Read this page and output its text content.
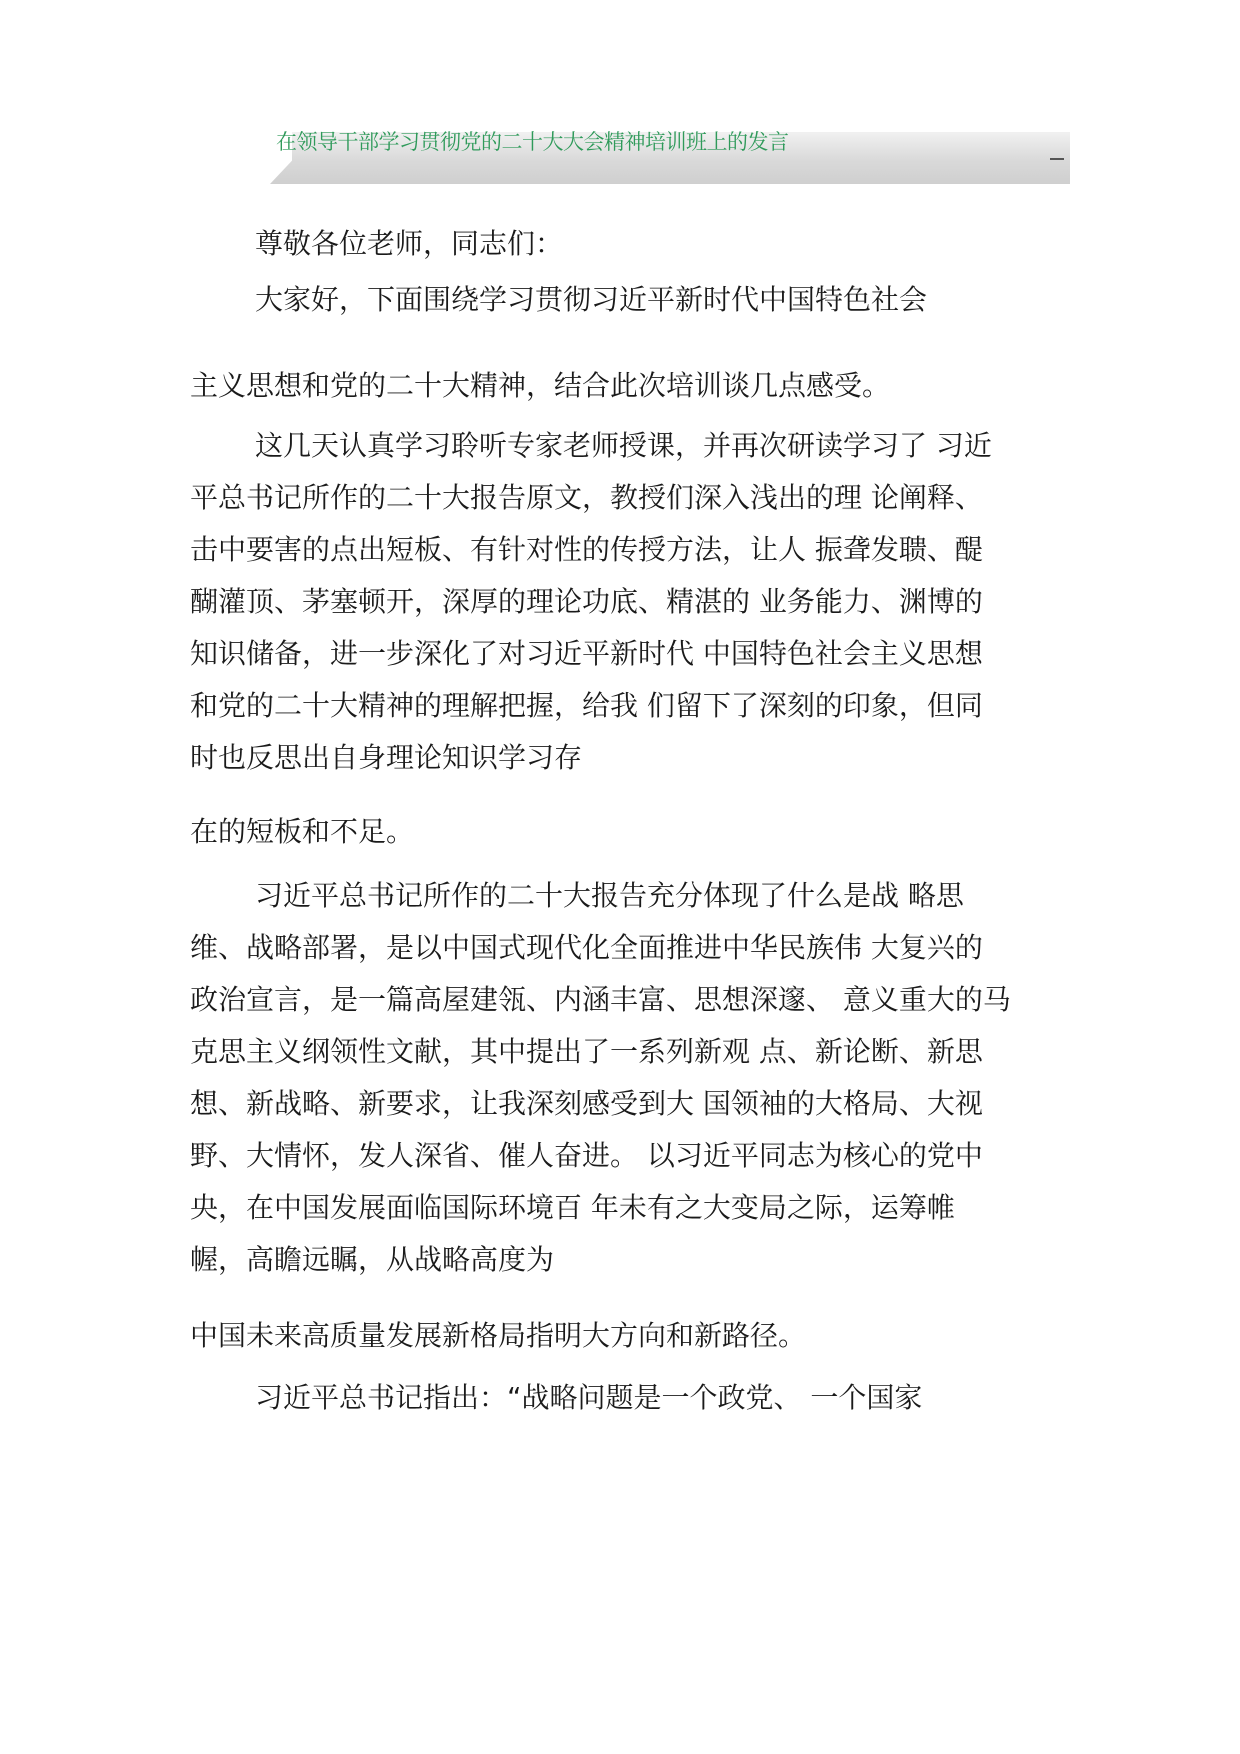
在领导干部学习贯彻党的二十大大会精神培训班上的发言

尊敬各位老师，同志们：

大家好，下面围绕学习贯彻习近平新时代中国特色社会

主义思想和党的二十大精神，结合此次培训谈几点感受。

这几天认真学习聆听专家老师授课，并再次研读学习了 习近

平总书记所作的二十大报告原文，教授们深入浅出的理 论阐释、

击中要害的点出短板、有针对性的传授方法，让人 振聋发聩、醍

醐灌顶、茅塞顿开，深厚的理论功底、精湛的 业务能力、渊博的

知识储备，进一步深化了对习近平新时代 中国特色社会主义思想

和党的二十大精神的理解把握，给我 们留下了深刻的印象，但同

时也反思出自身理论知识学习存

在的短板和不足。

习近平总书记所作的二十大报告充分体现了什么是战 略思

维、战略部署，是以中国式现代化全面推进中华民族伟 大复兴的

政治宣言，是一篇高屋建瓴、内涵丰富、思想深邃、 意义重大的马

克思主义纲领性文献，其中提出了一系列新观 点、新论断、新思

想、新战略、新要求，让我深刻感受到大 国领袖的大格局、大视

野、大情怀，发人深省、催人奋进。 以习近平同志为核心的党中

央，在中国发展面临国际环境百 年未有之大变局之际，运筹帷

幄，高瞻远瞩，从战略高度为

中国未来高质量发展新格局指明大方向和新路径。

习近平总书记指出：“战略问题是一个政党、 一个国家
